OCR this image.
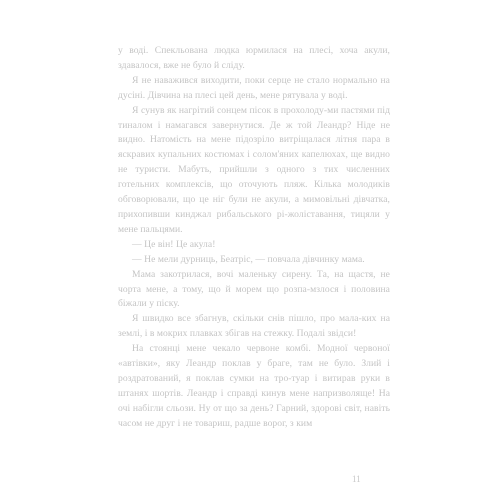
у воді. Спекльована людка юрмилася на плесі, хоча акули, здавалося, вже не було й сліду.

Я не наважився виходити, поки серце не стало нормально на дусіні. Дівчина на плесі цей день, мене рятувала у воді.

Я сунув як нагрітий сонцем пісок в прохолоду-ми пастями під тиналом і намагався завернутися. Де ж той Леандр? Ніде не видно. Натомість на мене підозріло витріщалася літня пара в яскравих купальних костюмах і солом'яних капелюхах, ще видно не туристи. Мабуть, прийшли з одного з тих численних готельних комплексів, що оточують пляж. Кілька молодиків обговорювали, що це ніг були не акули, а мимовільні дівчатка, прихопивши кинджал рибальського рі-жоліставання, тицяли у мене пальцями.

— Це він! Це акула!

— Не мели дурниць, Беатріс, — повчала дівчинку мама.

Мама закотрилася, вочі маленьку сирену. Та, на щастя, не чорта мене, а тому, що й морем що розпа-мзлося і половина біжали у піску.

Я швидко все збагнув, скільки снів пішло, про мала-ких на землі, і в мокрих плавках збігав на стежку. Подалі звідси!

На стоянці мене чекало червоне комбі. Модної червоної «автівки», яку Леандр поклав у браге, там не було. Злий і роздратований, я поклав сумки на тро-туар і витирав руки в штанях шортів. Леандр і справді кинув мене напризволяще! На очі набігли сльози. Ну от що за день? Гарний, здорові світ, навіть часом не друг і не товариш, радше ворог, з ким

11
